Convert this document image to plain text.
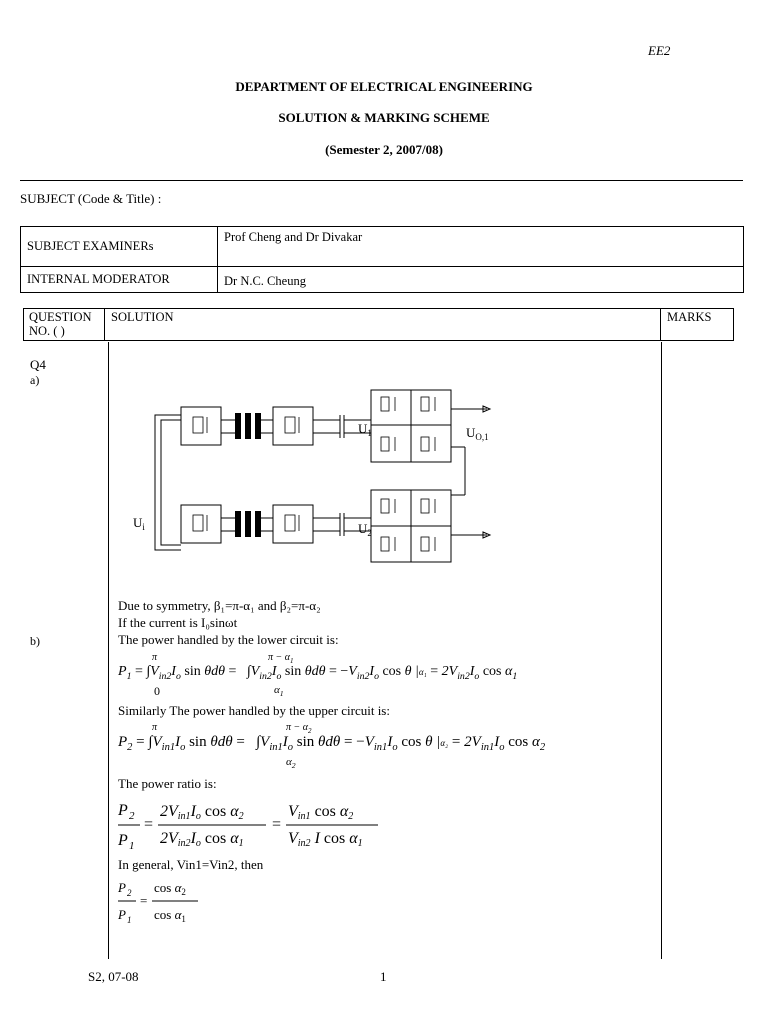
EE2
DEPARTMENT OF ELECTRICAL ENGINEERING
SOLUTION & MARKING SCHEME
(Semester 2, 2007/08)
SUBJECT (Code & Title) :
SUBJECT EXAMINERs	Prof Cheng and Dr Divakar
INTERNAL MODERATOR	Dr N.C. Cheung
QUESTION NO. ( )	SOLUTION	MARKS
Q4
a)
b)
$U_i$
$U_1$
$U_2$
$U_{O,1}$
Due to symmetry, β₁=π-α₁ and β₂=π-α₂
If the current is I₀sinωt
The power handled by the lower circuit is:
π	$\pi - \alpha_1$
$P_1 = \int V_{in2}I_o$ $\sin \theta d\theta = \int V_{in2}I_o$ $\sin \theta d\theta = -V_{in2}I_o$ cos θ $|\alpha_1 = 2V_{in2}I_o$ $\cos \alpha_1$
0	$\alpha_1$
Similarly The power handled by the upper circuit is:
π	$\pi - \alpha_2$
$P_2 = \int V_{in1}I_o$ $\sin \theta d\theta = \int V_{in1}I_o$ $\sin \theta d\theta = -V_{in1}I_o$ cos θ $|\alpha_2 = 2V_{in1}I_o$ $\cos \alpha_2$
$\alpha_2$
The power ratio is:
P 2
P 1
=
2Vin1Io cos α2
2Vin2Io cos α1
=
Vin1 cos α2
Vin2 I cos α1
In general, Vin1=Vin2, then
P 2
P 1
=
$\cos \alpha_2$
$\cos \alpha_1$
S2, 07-08	1
